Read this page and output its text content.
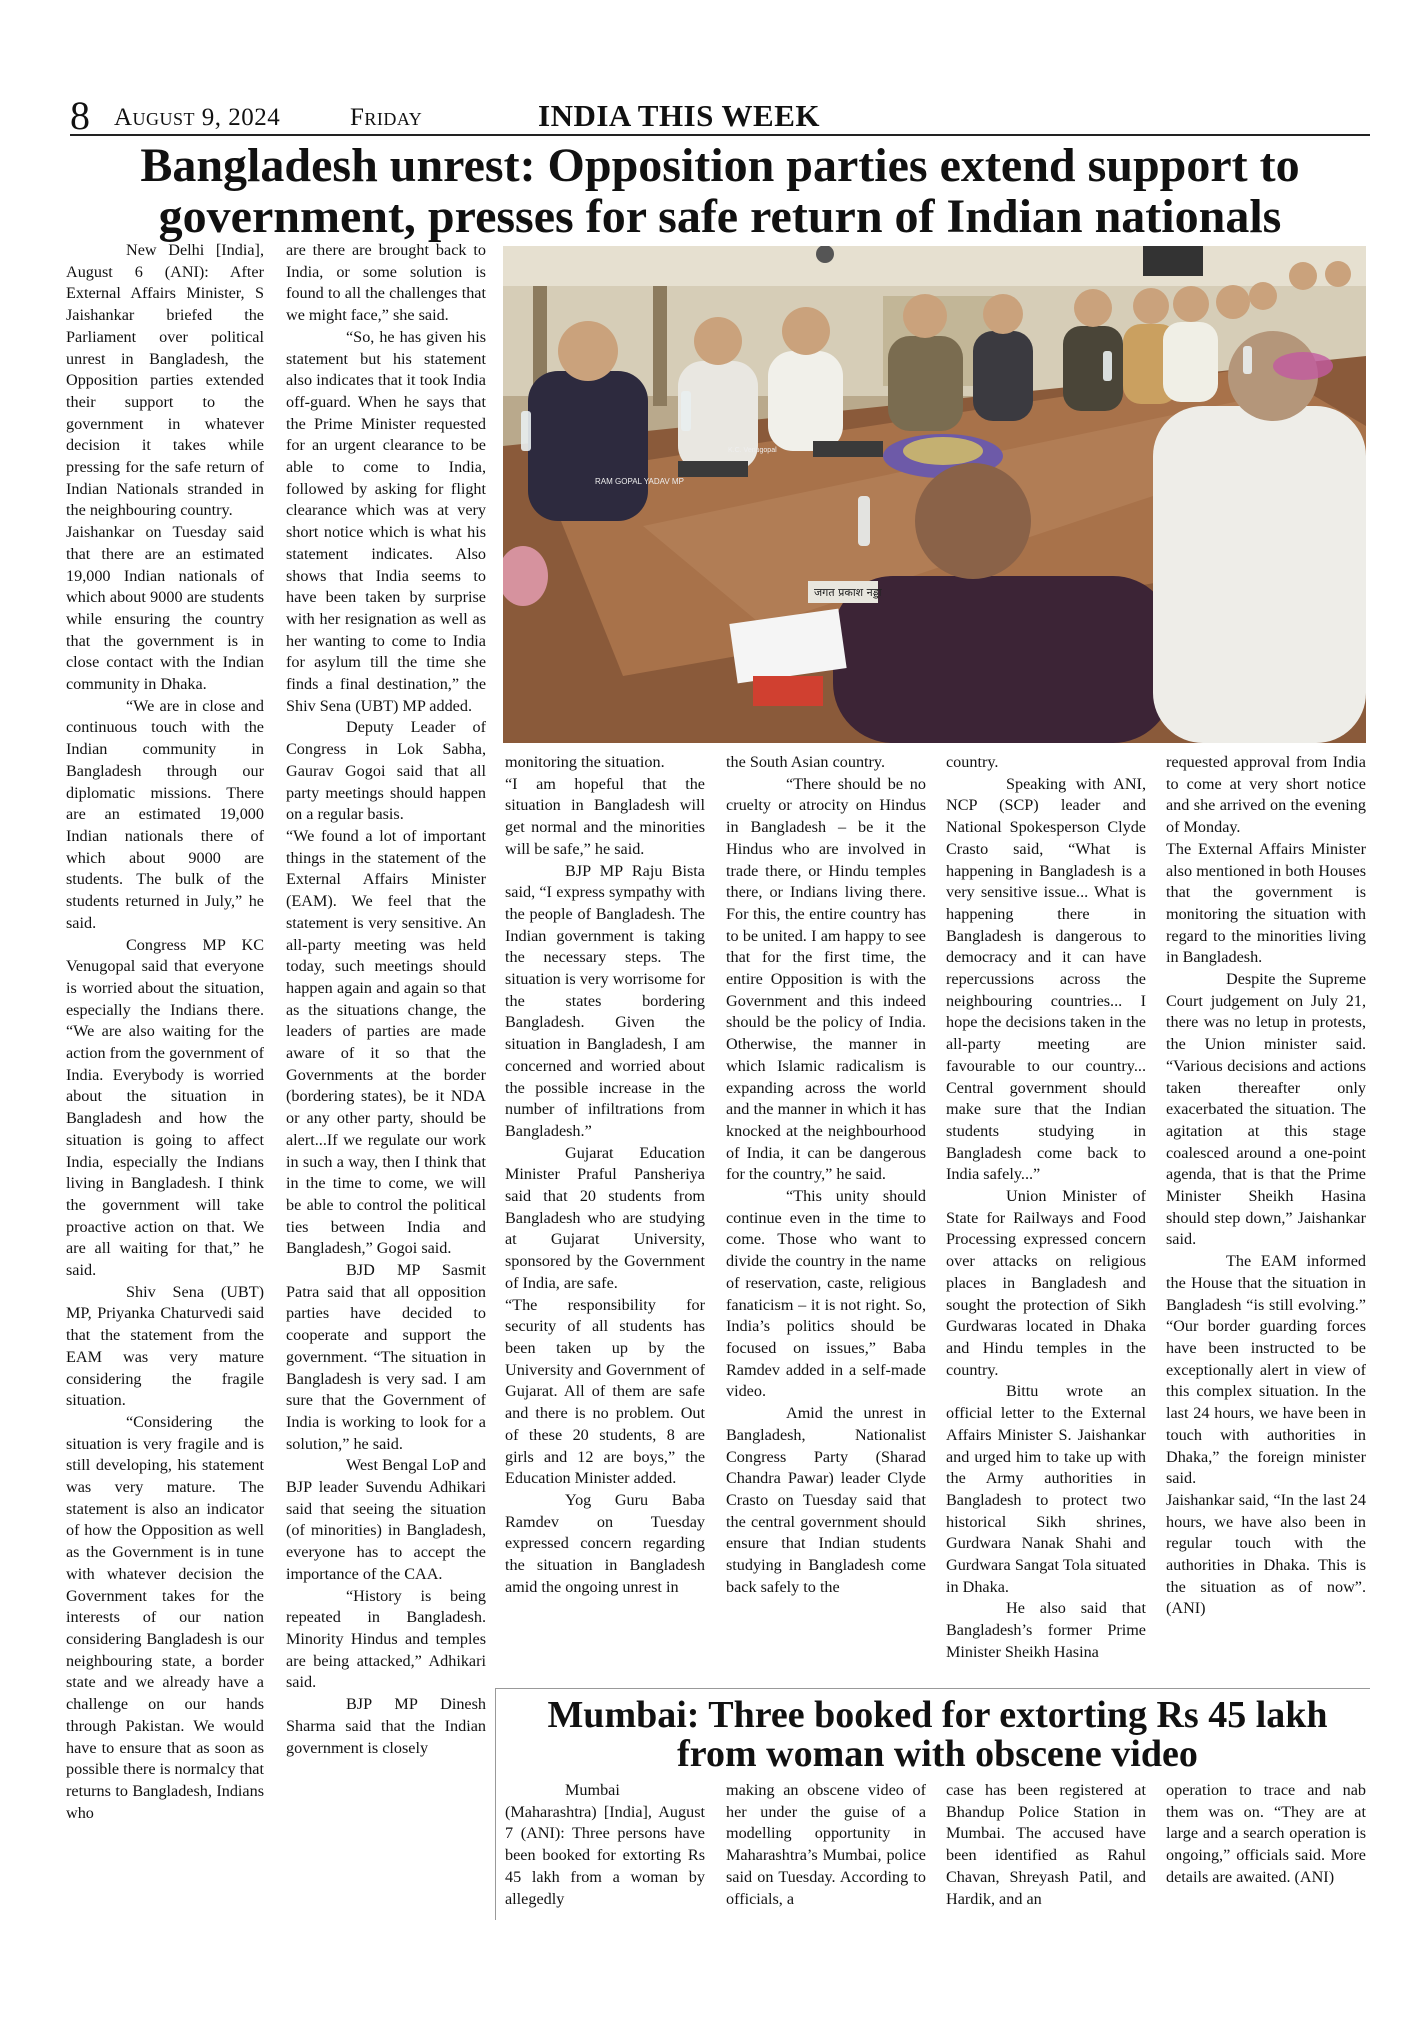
8 August 9, 2024	Friday	INDIA THIS WEEK
Bangladesh unrest: Opposition parties extend support to government, presses for safe return of Indian nationals
RAM GOPAL YADAV MP
K.C. Venugopal
जगत प्रकाश नड्डा

New Delhi [India], August 6 (ANI): After External Affairs Minister, S Jaishankar briefed the Parliament over political unrest in Bangladesh, the Opposition parties extended their support to the government in whatever decision it takes while pressing for the safe return of Indian Nationals stranded in the neighbouring country.

Jaishankar on Tuesday said that there are an estimated 19,000 Indian nationals of which about 9000 are students while ensuring the country that the government is in close contact with the Indian community in Dhaka.

“We are in close and continuous touch with the Indian community in Bangladesh through our diplomatic missions. There are an estimated 19,000 Indian nationals there of which about 9000 are students. The bulk of the students returned in July,” he said.

Congress MP KC Venugopal said that everyone is worried about the situation, especially the Indians there. “We are also waiting for the action from the government of India. Everybody is worried about the situation in Bangladesh and how the situation is going to affect India, especially the Indians living in Bangladesh. I think the government will take proactive action on that. We are all waiting for that,” he said.

Shiv Sena (UBT) MP, Priyanka Chaturvedi said that the statement from the EAM was very mature considering the fragile situation.

“Considering the situation is very fragile and is still developing, his statement was very mature. The statement is also an indicator of how the Opposition as well as the Government is in tune with whatever decision the Government takes for the interests of our nation considering Bangladesh is our neighbouring state, a border state and we already have a challenge on our hands through Pakistan. We would have to ensure that as soon as possible there is normalcy that returns to Bangladesh, Indians who

are there are brought back to India, or some solution is found to all the challenges that we might face,” she said.

“So, he has given his statement but his statement also indicates that it took India off-guard. When he says that the Prime Minister requested for an urgent clearance to be able to come to India, followed by asking for flight clearance which was at very short notice which is what his statement indicates. Also shows that India seems to have been taken by surprise with her resignation as well as her wanting to come to India for asylum till the time she finds a final destination,” the Shiv Sena (UBT) MP added.

Deputy Leader of Congress in Lok Sabha, Gaurav Gogoi said that all party meetings should happen on a regular basis.

“We found a lot of important things in the statement of the External Affairs Minister (EAM). We feel that the statement is very sensitive. An all-party meeting was held today, such meetings should happen again and again so that as the situations change, the leaders of parties are made aware of it so that the Governments at the border (bordering states), be it NDA or any other party, should be alert...If we regulate our work in such a way, then I think that in the time to come, we will be able to control the political ties between India and Bangladesh,” Gogoi said.

BJD MP Sasmit Patra said that all opposition parties have decided to cooperate and support the government. “The situation in Bangladesh is very sad. I am sure that the Government of India is working to look for a solution,” he said.

West Bengal LoP and BJP leader Suvendu Adhikari said that seeing the situation (of minorities) in Bangladesh, everyone has to accept the importance of the CAA.

“History is being repeated in Bangladesh. Minority Hindus and temples are being attacked,” Adhikari said.

BJP MP Dinesh Sharma said that the Indian government is closely

monitoring the situation.

“I am hopeful that the situation in Bangladesh will get normal and the minorities will be safe,” he said.

BJP MP Raju Bista said, “I express sympathy with the people of Bangladesh. The Indian government is taking the necessary steps. The situation is very worrisome for the states bordering Bangladesh. Given the situation in Bangladesh, I am concerned and worried about the possible increase in the number of infiltrations from Bangladesh.”

Gujarat Education Minister Praful Pansheriya said that 20 students from Bangladesh who are studying at Gujarat University, sponsored by the Government of India, are safe.

“The responsibility for security of all students has been taken up by the University and Government of Gujarat. All of them are safe and there is no problem. Out of these 20 students, 8 are girls and 12 are boys,” the Education Minister added.

Yog Guru Baba Ramdev on Tuesday expressed concern regarding the situation in Bangladesh amid the ongoing unrest in

the South Asian country.

“There should be no cruelty or atrocity on Hindus in Bangladesh – be it the Hindus who are involved in trade there, or Hindu temples there, or Indians living there. For this, the entire country has to be united. I am happy to see that for the first time, the entire Opposition is with the Government and this indeed should be the policy of India. Otherwise, the manner in which Islamic radicalism is expanding across the world and the manner in which it has knocked at the neighbourhood of India, it can be dangerous for the country,” he said.

“This unity should continue even in the time to come. Those who want to divide the country in the name of reservation, caste, religious fanaticism – it is not right. So, India’s politics should be focused on issues,” Baba Ramdev added in a self-made video.

Amid the unrest in Bangladesh, Nationalist Congress Party (Sharad Chandra Pawar) leader Clyde Crasto on Tuesday said that the central government should ensure that Indian students studying in Bangladesh come back safely to the

country.

Speaking with ANI, NCP (SCP) leader and National Spokesperson Clyde Crasto said, “What is happening in Bangladesh is a very sensitive issue... What is happening there in Bangladesh is dangerous to democracy and it can have repercussions across the neighbouring countries... I hope the decisions taken in the all-party meeting are favourable to our country... Central government should make sure that the Indian students studying in Bangladesh come back to India safely...”

Union Minister of State for Railways and Food Processing expressed concern over attacks on religious places in Bangladesh and sought the protection of Sikh Gurdwaras located in Dhaka and Hindu temples in the country.

Bittu wrote an official letter to the External Affairs Minister S. Jaishankar and urged him to take up with the Army authorities in Bangladesh to protect two historical Sikh shrines, Gurdwara Nanak Shahi and Gurdwara Sangat Tola situated in Dhaka.

He also said that Bangladesh’s former Prime Minister Sheikh Hasina

requested approval from India to come at very short notice and she arrived on the evening of Monday.

The External Affairs Minister also mentioned in both Houses that the government is monitoring the situation with regard to the minorities living in Bangladesh.

Despite the Supreme Court judgement on July 21, there was no letup in protests, the Union minister said. “Various decisions and actions taken thereafter only exacerbated the situation. The agitation at this stage coalesced around a one-point agenda, that is that the Prime Minister Sheikh Hasina should step down,” Jaishankar said.

The EAM informed the House that the situation in Bangladesh “is still evolving.” “Our border guarding forces have been instructed to be exceptionally alert in view of this complex situation. In the last 24 hours, we have been in touch with authorities in Dhaka,” the foreign minister said.

Jaishankar said, “In the last 24 hours, we have also been in regular touch with the authorities in Dhaka. This is the situation as of now”. (ANI)

Mumbai: Three booked for extorting Rs 45 lakh from woman with obscene video

Mumbai (Maharashtra) [India], August 7 (ANI): Three persons have been booked for extorting Rs 45 lakh from a woman by allegedly

making an obscene video of her under the guise of a modelling opportunity in Maharashtra’s Mumbai, police said on Tuesday. According to officials, a

case has been registered at Bhandup Police Station in Mumbai. The accused have been identified as Rahul Chavan, Shreyash Patil, and Hardik, and an

operation to trace and nab them was on. “They are at large and a search operation is ongoing,” officials said. More details are awaited. (ANI)
